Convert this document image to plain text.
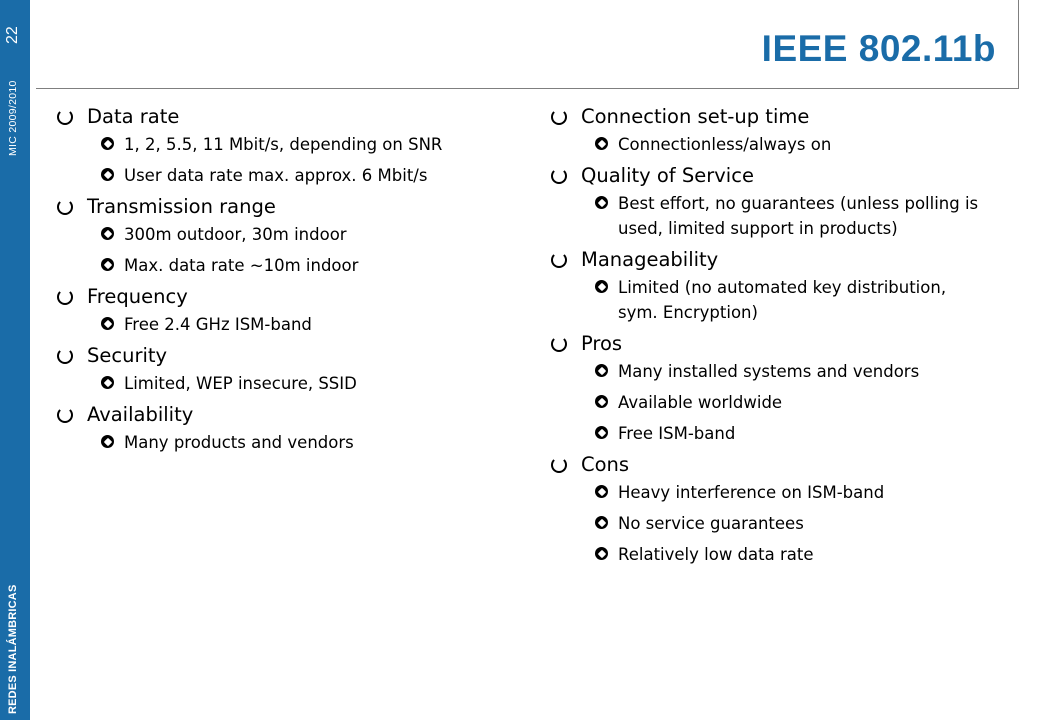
22
MIC 2009/2010
REDES INALÁMBRICAS
IEEE 802.11b
Data rate
1, 2, 5.5, 11 Mbit/s, depending on SNR
User data rate max. approx. 6 Mbit/s
Transmission range
300m outdoor, 30m indoor
Max. data rate ~10m indoor
Frequency
Free 2.4 GHz ISM-band
Security
Limited, WEP insecure, SSID
Availability
Many products and vendors
Connection set-up time
Connectionless/always on
Quality of Service
Best effort, no guarantees (unless polling is used, limited support in products)
Manageability
Limited (no automated key distribution, sym. Encryption)
Pros
Many installed systems and vendors
Available worldwide
Free ISM-band
Cons
Heavy interference on ISM-band
No service guarantees
Relatively low data rate
